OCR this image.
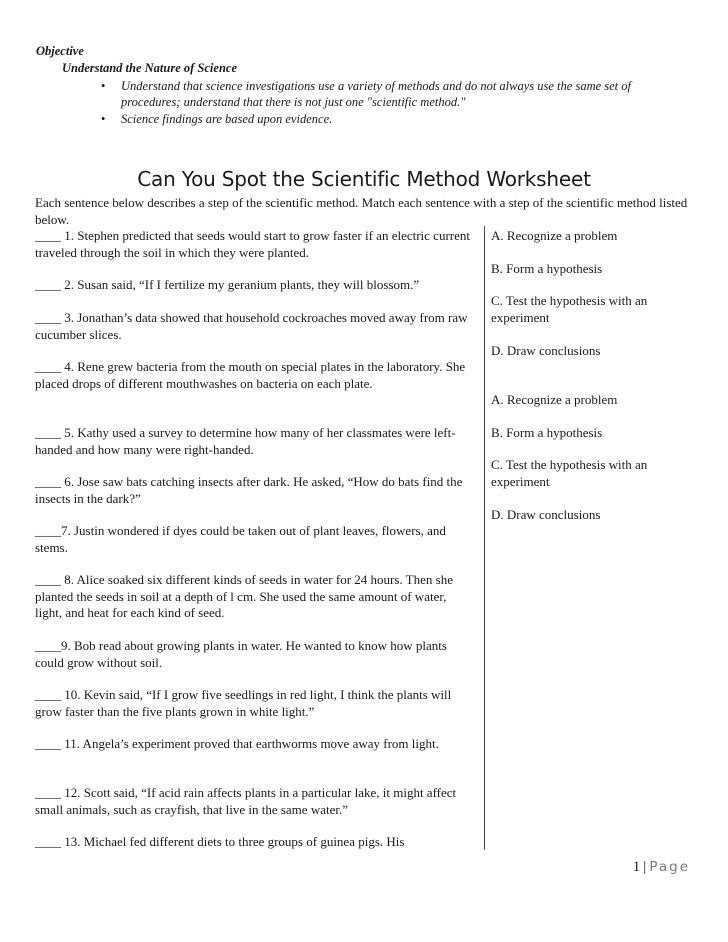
Objective
Understand the Nature of Science
• Understand that science investigations use a variety of methods and do not always use the same set of procedures; understand that there is not just one "scientific method."
• Science findings are based upon evidence.
Can You Spot the Scientific Method Worksheet
Each sentence below describes a step of the scientific method. Match each sentence with a step of the scientific method listed below.
____ 1. Stephen predicted that seeds would start to grow faster if an electric current traveled through the soil in which they were planted.
____ 2. Susan said, “If I fertilize my geranium plants, they will blossom.”
____ 3. Jonathan’s data showed that household cockroaches moved away from raw cucumber slices.
____ 4. Rene grew bacteria from the mouth on special plates in the laboratory. She placed drops of different mouthwashes on bacteria on each plate.
____ 5. Kathy used a survey to determine how many of her classmates were left-handed and how many were right-handed.
____ 6. Jose saw bats catching insects after dark. He asked, “How do bats find the insects in the dark?”
____7. Justin wondered if dyes could be taken out of plant leaves, flowers, and stems.
____ 8. Alice soaked six different kinds of seeds in water for 24 hours. Then she planted the seeds in soil at a depth of l cm. She used the same amount of water, light, and heat for each kind of seed.
____9. Bob read about growing plants in water. He wanted to know how plants could grow without soil.
____ 10. Kevin said, “If I grow five seedlings in red light, I think the plants will grow faster than the five plants grown in white light.”
____ 11. Angela’s experiment proved that earthworms move away from light.
____ 12. Scott said, “If acid rain affects plants in a particular lake, it might affect small animals, such as crayfish, that live in the same water.”
____ 13. Michael fed different diets to three groups of guinea pigs. His
A. Recognize a problem
B. Form a hypothesis
C. Test the hypothesis with an experiment
D. Draw conclusions
A. Recognize a problem
B. Form a hypothesis
C. Test the hypothesis with an experiment
D. Draw conclusions
1 | Page
